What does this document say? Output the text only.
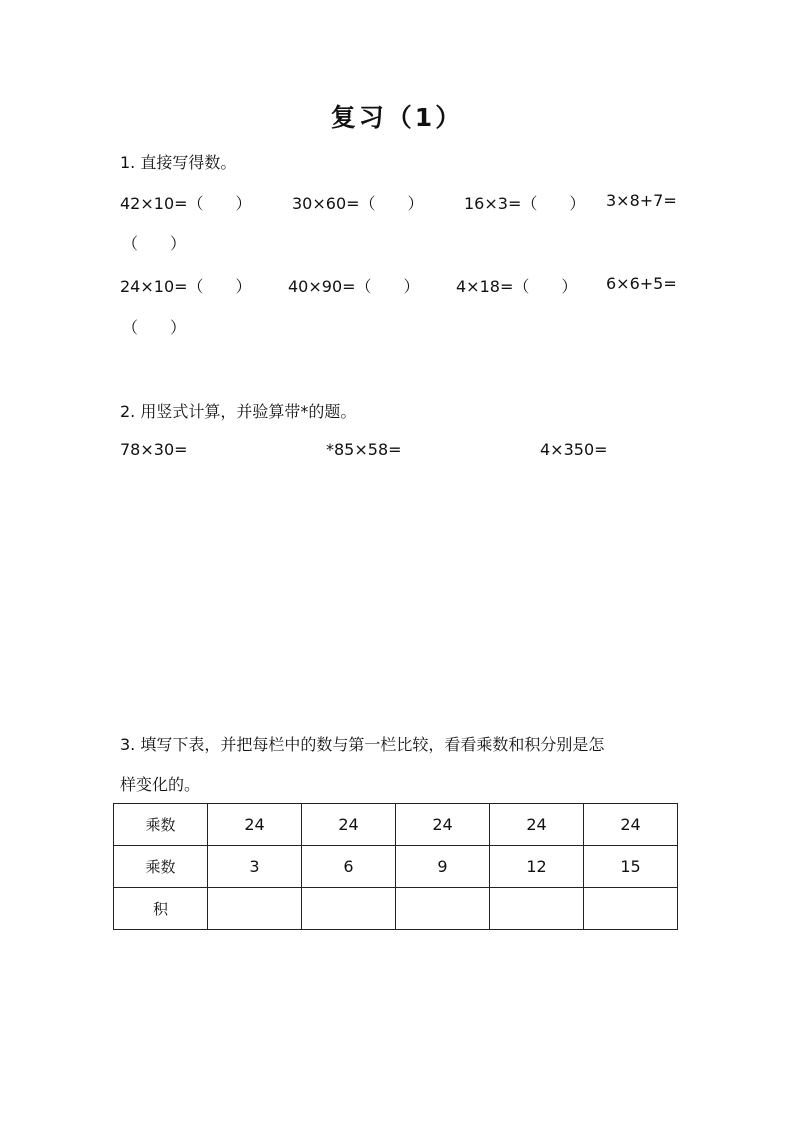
复习（1）
1. 直接写得数。
42×10=（　　）	30×60=（　　）	16×3=（　　） 3×8+7=
（　　）
24×10=（　　） 40×90=（　　） 4×18=（　　） 6×6+5=
（　　）
2. 用竖式计算，并验算带*的题。
78×30=	*85×58=	4×350=
3. 填写下表，并把每栏中的数与第一栏比较，看看乘数和积分别是怎
样变化的。
乘数	24	24	24	24	24
乘数	3	6	9	12	15
积					
